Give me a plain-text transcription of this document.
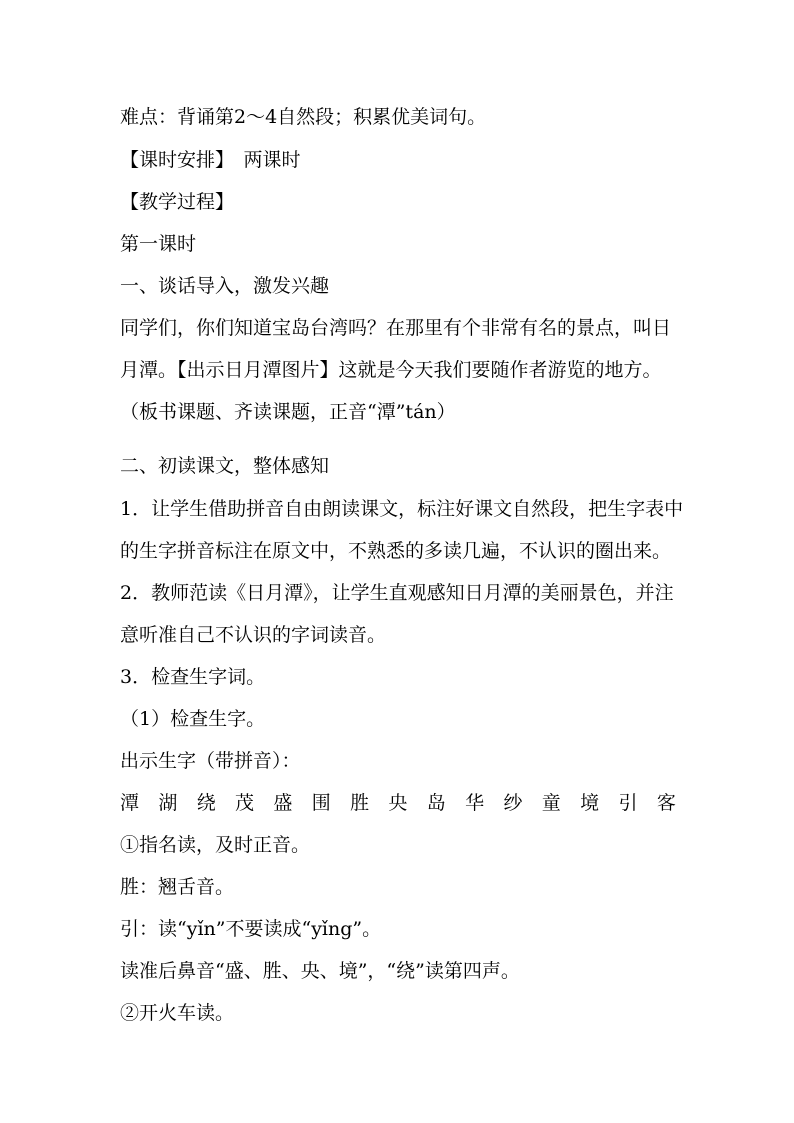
难点：背诵第2～4自然段；积累优美词句。
【课时安排】　两课时
【教学过程】
第一课时
一、谈话导入，激发兴趣
同学们，你们知道宝岛台湾吗？在那里有个非常有名的景点，叫日
月潭。【出示日月潭图片】这就是今天我们要随作者游览的地方。
（板书课题、齐读课题，正音“潭”tán）
二、初读课文，整体感知
1．让学生借助拼音自由朗读课文，标注好课文自然段，把生字表中
的生字拼音标注在原文中，不熟悉的多读几遍，不认识的圈出来。
2．教师范读《日月潭》，让学生直观感知日月潭的美丽景色，并注
意听准自己不认识的字词读音。
3．检查生字词。
（1）检查生字。
出示生字（带拼音）：
潭 湖 绕 茂 盛 围 胜 央 岛 华 纱 童 境 引 客
①指名读，及时正音。
胜：翘舌音。
引：读“yǐn”不要读成“yǐng”。
读准后鼻音“盛、胜、央、境”，“绕”读第四声。
②开火车读。
